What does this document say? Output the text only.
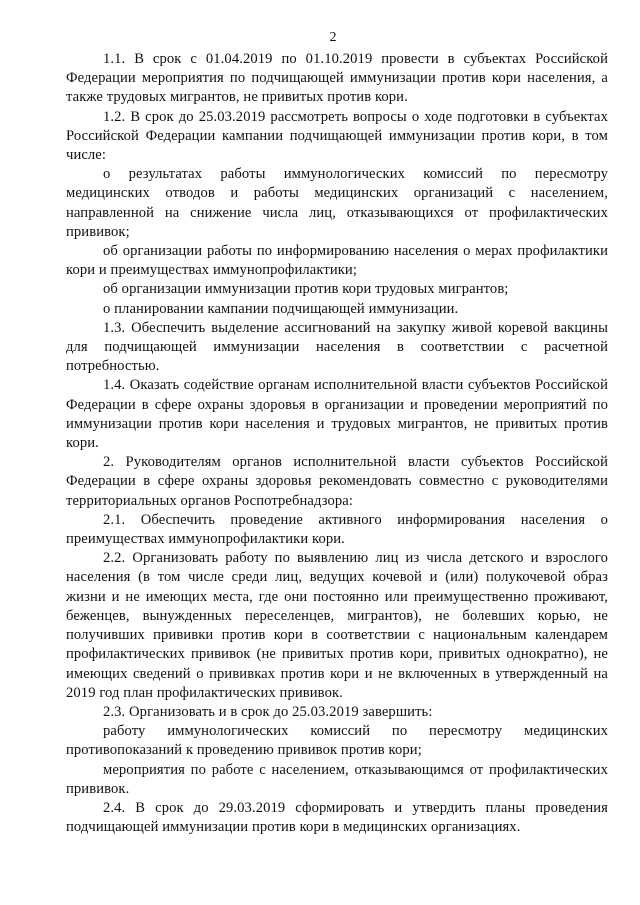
2

1.1. В срок с 01.04.2019 по 01.10.2019 провести в субъектах Российской Федерации мероприятия по подчищающей иммунизации против кори населения, а также трудовых мигрантов, не привитых против кори.

1.2. В срок до 25.03.2019 рассмотреть вопросы о ходе подготовки в субъектах Российской Федерации кампании подчищающей иммунизации против кори, в том числе:

о результатах работы иммунологических комиссий по пересмотру медицинских отводов и работы медицинских организаций с населением, направленной на снижение числа лиц, отказывающихся от профилактических прививок;

об организации работы по информированию населения о мерах профилактики кори и преимуществах иммунопрофилактики;

об организации иммунизации против кори трудовых мигрантов;

о планировании кампании подчищающей иммунизации.

1.3. Обеспечить выделение ассигнований на закупку живой коревой вакцины для подчищающей иммунизации населения в соответствии с расчетной потребностью.

1.4. Оказать содействие органам исполнительной власти субъектов Российской Федерации в сфере охраны здоровья в организации и проведении мероприятий по иммунизации против кори населения и трудовых мигрантов, не привитых против кори.

2. Руководителям органов исполнительной власти субъектов Российской Федерации в сфере охраны здоровья рекомендовать совместно с руководителями территориальных органов Роспотребнадзора:

2.1. Обеспечить проведение активного информирования населения о преимуществах иммунопрофилактики кори.

2.2. Организовать работу по выявлению лиц из числа детского и взрослого населения (в том числе среди лиц, ведущих кочевой и (или) полукочевой образ жизни и не имеющих места, где они постоянно или преимущественно проживают, беженцев, вынужденных переселенцев, мигрантов), не болевших корью, не получивших прививки против кори в соответствии с национальным календарем профилактических прививок (не привитых против кори, привитых однократно), не имеющих сведений о прививках против кори и не включенных в утвержденный на 2019 год план профилактических прививок.

2.3. Организовать и в срок до 25.03.2019 завершить:

работу иммунологических комиссий по пересмотру медицинских противопоказаний к проведению прививок против кори;

мероприятия по работе с населением, отказывающимся от профилактических прививок.

2.4. В срок до 29.03.2019 сформировать и утвердить планы проведения подчищающей иммунизации против кори в медицинских организациях.
